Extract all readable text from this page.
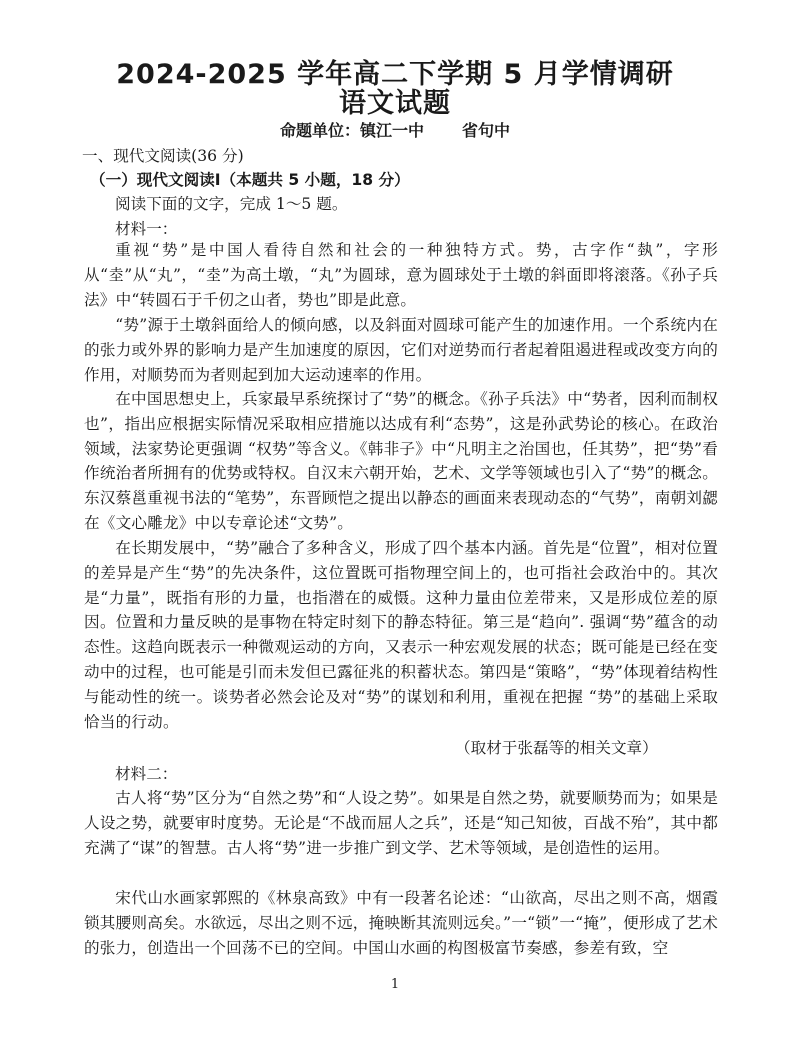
2024-2025 学年高二下学期 5 月学情调研
语文试题
命题单位：镇江一中 省句中
一、现代文阅读(36 分)
（一）现代文阅读Ⅰ（本题共 5 小题，18 分）
阅读下面的文字，完成 1～5 题。
材料一：
重视“势”是中国人看待自然和社会的一种独特方式。势，古字作“埶”，字形从“坴”从“丸”，“坴”为高土墩，“丸”为圆球，意为圆球处于土墩的斜面即将滚落。《孙子兵法》中“转圆石于千仞之山者，势也”即是此意。
“势”源于土墩斜面给人的倾向感，以及斜面对圆球可能产生的加速作用。一个系统内在的张力或外界的影响力是产生加速度的原因，它们对逆势而行者起着阻遏进程或改变方向的作用，对顺势而为者则起到加大运动速率的作用。
在中国思想史上，兵家最早系统探讨了“势”的概念。《孙子兵法》中“势者，因利而制权也”，指出应根据实际情况采取相应措施以达成有利“态势”，这是孙武势论的核心。在政治领域，法家势论更强调 “权势”等含义。《韩非子》中“凡明主之治国也，任其势”，把“势”看作统治者所拥有的优势或特权。自汉末六朝开始，艺术、文学等领域也引入了“势”的概念。东汉蔡邕重视书法的“笔势”，东晋顾恺之提出以静态的画面来表现动态的“气势”，南朝刘勰在《文心雕龙》中以专章论述“文势”。
在长期发展中，“势”融合了多种含义，形成了四个基本内涵。首先是“位置”，相对位置的差异是产生“势”的先决条件，这位置既可指物理空间上的，也可指社会政治中的。其次是“力量”，既指有形的力量，也指潜在的威慑。这种力量由位差带来，又是形成位差的原因。位置和力量反映的是事物在特定时刻下的静态特征。第三是“趋向”. 强调“势”蕴含的动态性。这趋向既表示一种微观运动的方向，又表示一种宏观发展的状态；既可能是已经在变动中的过程，也可能是引而未发但已露征兆的积蓄状态。第四是“策略”，“势”体现着结构性与能动性的统一。谈势者必然会论及对“势”的谋划和利用，重视在把握 “势”的基础上采取恰当的行动。
（取材于张磊等的相关文章）
材料二：
古人将“势”区分为“自然之势”和“人设之势”。如果是自然之势，就要顺势而为；如果是人设之势，就要审时度势。无论是“不战而屈人之兵”，还是“知己知彼，百战不殆”，其中都充满了“谋”的智慧。古人将“势”进一步推广到文学、艺术等领域，是创造性的运用。
宋代山水画家郭熙的《林泉高致》中有一段著名论述：“山欲高，尽出之则不高，烟霞锁其腰则高矣。水欲远，尽出之则不远，掩映断其流则远矣。”一“锁”一“掩”，便形成了艺术的张力，创造出一个回荡不已的空间。中国山水画的构图极富节奏感，参差有致，空
1
